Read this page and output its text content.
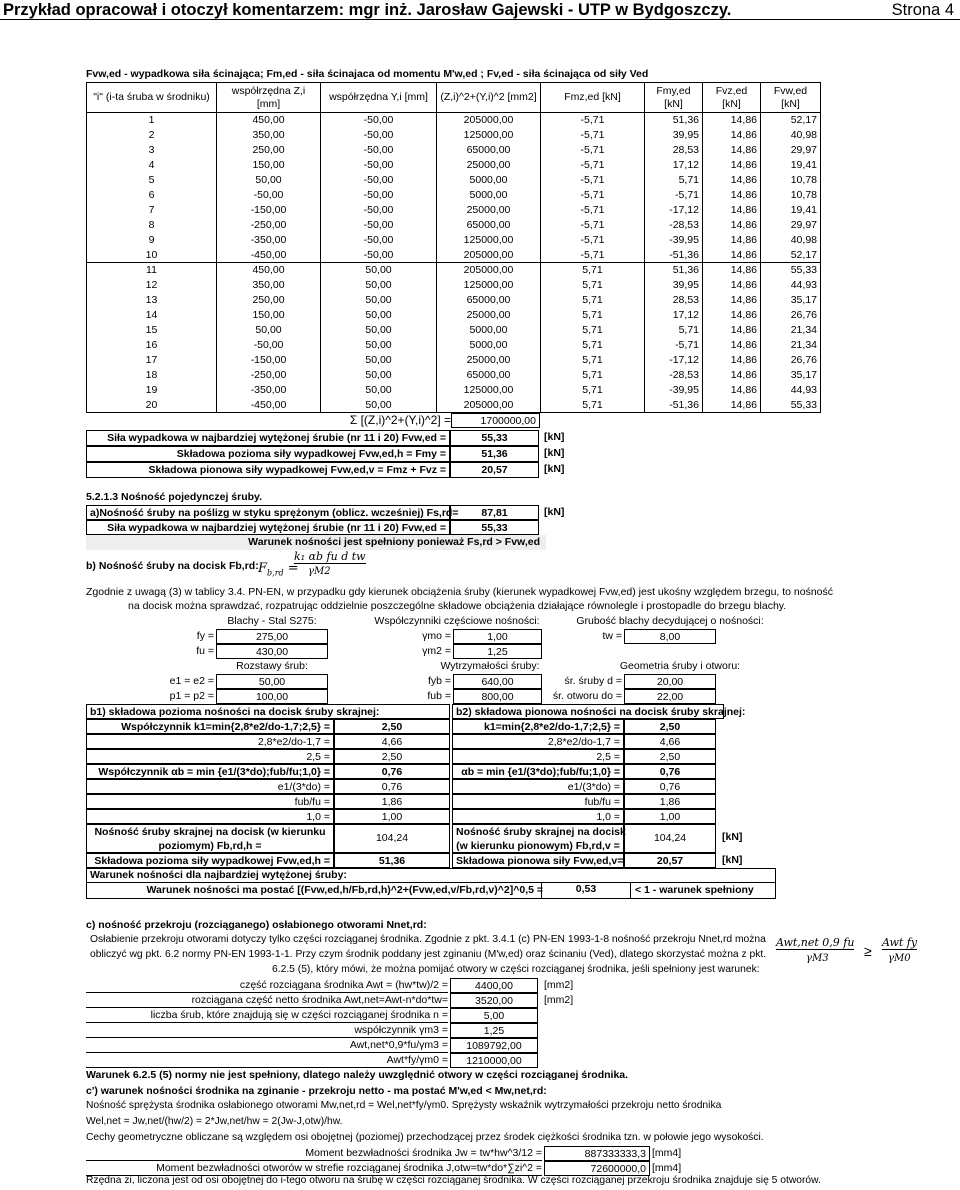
Przykład opracował i otoczył komentarzem: mgr inż. Jarosław Gajewski - UTP w Bydgoszczy.	Strona 4
Fvw,ed - wypadkowa siła ścinająca; Fm,ed - siła ścinajaca od momentu M'w,ed ; Fv,ed - siła ścinająca od siły Ved
"i" (i-ta śruba w środniku)	współrzędna Z,i [mm]	współrzędna Y,i [mm]	(Z,i)^2+(Y,i)^2 [mm2]	Fmz,ed [kN]	Fmy,ed [kN]	Fvz,ed [kN]	Fvw,ed [kN]
1	450,00	-50,00	205000,00	-5,71	51,36	14,86	52,17
2	350,00	-50,00	125000,00	-5,71	39,95	14,86	40,98
3	250,00	-50,00	65000,00	-5,71	28,53	14,86	29,97
4	150,00	-50,00	25000,00	-5,71	17,12	14,86	19,41
5	50,00	-50,00	5000,00	-5,71	5,71	14,86	10,78
6	-50,00	-50,00	5000,00	-5,71	-5,71	14,86	10,78
7	-150,00	-50,00	25000,00	-5,71	-17,12	14,86	19,41
8	-250,00	-50,00	65000,00	-5,71	-28,53	14,86	29,97
9	-350,00	-50,00	125000,00	-5,71	-39,95	14,86	40,98
10	-450,00	-50,00	205000,00	-5,71	-51,36	14,86	52,17
11	450,00	50,00	205000,00	5,71	51,36	14,86	55,33
12	350,00	50,00	125000,00	5,71	39,95	14,86	44,93
13	250,00	50,00	65000,00	5,71	28,53	14,86	35,17
14	150,00	50,00	25000,00	5,71	17,12	14,86	26,76
15	50,00	50,00	5000,00	5,71	5,71	14,86	21,34
16	-50,00	50,00	5000,00	5,71	-5,71	14,86	21,34
17	-150,00	50,00	25000,00	5,71	-17,12	14,86	26,76
18	-250,00	50,00	65000,00	5,71	-28,53	14,86	35,17
19	-350,00	50,00	125000,00	5,71	-39,95	14,86	44,93
20	-450,00	50,00	205000,00	5,71	-51,36	14,86	55,33
Σ [(Z,i)^2+(Y,i)^2] =	1700000,00
Siła wypadkowa w najbardziej wytężonej śrubie (nr 11 i 20) Fvw,ed =	55,33	[kN]
Składowa pozioma siły wypadkowej Fvw,ed,h = Fmy =	51,36	[kN]
Składowa pionowa siły wypadkowej Fvw,ed,v = Fmz + Fvz =	20,57	[kN]
5.2.1.3 Nośność pojedynczej śruby.
a)Nośność śruby na poślizg w styku sprężonym (oblicz. wcześniej) Fs,rd=	87,81	[kN]
Siła wypadkowa w najbardziej wytężonej śrubie (nr 11 i 20) Fvw,ed =	55,33
Warunek nośności jest spełniony ponieważ Fs,rd > Fvw,ed
b) Nośność śruby na docisk Fb,rd: $F_{b,rd}$ =
k₁ αb fu d tw
γM2
Zgodnie z uwagą (3) w tablicy 3.4. PN-EN, w przypadku gdy kierunek obciążenia śruby (kierunek wypadkowej Fvw,ed) jest ukośny względem brzegu, to nośność
na docisk można sprawdzać, rozpatrując oddzielnie poszczególne składowe obciążenia działające równolegle i prostopadle do brzegu blachy.
Blachy - Stal S275:	Współczynniki częściowe nośności:	Grubość blachy decydującej o nośności:
fy =	275,00	γmo =	1,00	tw =	8,00
fu =	430,00	γm2 =	1,25
Rozstawy śrub:	Wytrzymałości śruby:	Geometria śruby i otworu:
e1 = e2 =	50,00	fyb =	640,00	śr. śruby d =	20,00
p1 = p2 =	100,00	fub =	800,00	śr. otworu do =	22,00
b1) składowa pozioma nośności na docisk śruby skrajnej:	b2) składowa pionowa nośności na docisk śruby skrajnej:
Współczynnik k1=min{2,8*e2/do-1,7;2,5} =	2,50
2,8*e2/do-1,7 =	4,66
2,5 =	2,50
Współczynnik αb = min {e1/(3*do);fub/fu;1,0} =	0,76
e1/(3*do) =	0,76
fub/fu =	1,86
1,0 =	1,00
k1=min{2,8*e2/do-1,7;2,5} =	2,50
2,8*e2/do-1,7 =	4,66
2,5 =	2,50
αb = min {e1/(3*do);fub/fu;1,0} =	0,76
e1/(3*do) =	0,76
fub/fu =	1,86
1,0 =	1,00
Nośność śruby skrajnej na docisk (w kierunku
poziomym) Fb,rd,h =
104,24	Nośność śruby skrajnej na docisk
(w kierunku pionowym) Fb,rd,v =
104,24	[kN]
Składowa pozioma siły wypadkowej Fvw,ed,h =	51,36	Składowa pionowa siły Fvw,ed,v=	20,57	[kN]
Warunek nośności dla najbardziej wytężonej śruby:
Warunek nośności ma postać [(Fvw,ed,h/Fb,rd,h)^2+(Fvw,ed,v/Fb,rd,v)^2]^0,5 =	0,53	< 1 - warunek spełniony
c) nośność przekroju (rozciąganego) osłabionego otworami Nnet,rd:
Osłabienie przekroju otworami dotyczy tylko części rozciąganej środnika. Zgodnie z pkt. 3.4.1 (c) PN-EN 1993-1-8 nośność przekroju Nnet,rd można
obliczyć wg pkt. 6.2 normy PN-EN 1993-1-1. Przy czym środnik poddany jest zginaniu (M'w,ed) oraz ścinaniu (Ved), dlatego skorzystać można z pkt.
6.2.5 (5), który mówi, że można pomijać otwory w części rozciąganej środnika, jeśli spełniony jest warunek:
Awt,net 0,9 fu
γM3	≥
Awt fy
γM0
część rozciągana środnika Awt = (hw*tw)/2 =	4400,00	[mm2]
rozciągana część netto środnika Awt,net=Awt-n*do*tw=	3520,00	[mm2]
liczba śrub, które znajdują się w części rozciąganej środnika n =	5,00
współczynnik γm3 =	1,25
Awt,net*0,9*fu/γm3 =	1089792,00
Awt*fy/γm0 =	1210000,00
Warunek 6.2.5 (5) normy nie jest spełniony, dlatego należy uwzględnić otwory w części rozciąganej środnika.
c') warunek nośności środnika na zginanie - przekroju netto - ma postać M'w,ed < Mw,net,rd:
Nośność sprężysta środnika osłabionego otworami Mw,net,rd = Wel,net*fy/γm0. Sprężysty wskaźnik wytrzymałości przekroju netto środnika
Wel,net = Jw,net/(hw/2) = 2*Jw,net/hw = 2(Jw-J,otw)/hw.
Cechy geometryczne obliczane są względem osi obojętnej (poziomej) przechodzącej przez środek ciężkości środnika tzn. w połowie jego wysokości.
Moment bezwładności środnika Jw = tw*hw^3/12 =	887333333,3 [mm4]
Moment bezwładności otworów w strefie rozciąganej środnika J,otw=tw*do*∑zi^2 =	72600000,0 [mm4]
Rzędna zi, liczona jest od osi obojętnej do i-tego otworu na śrubę w części rozciąganej środnika. W części rozciąganej przekroju środnika znajduje się 5 otworów.
